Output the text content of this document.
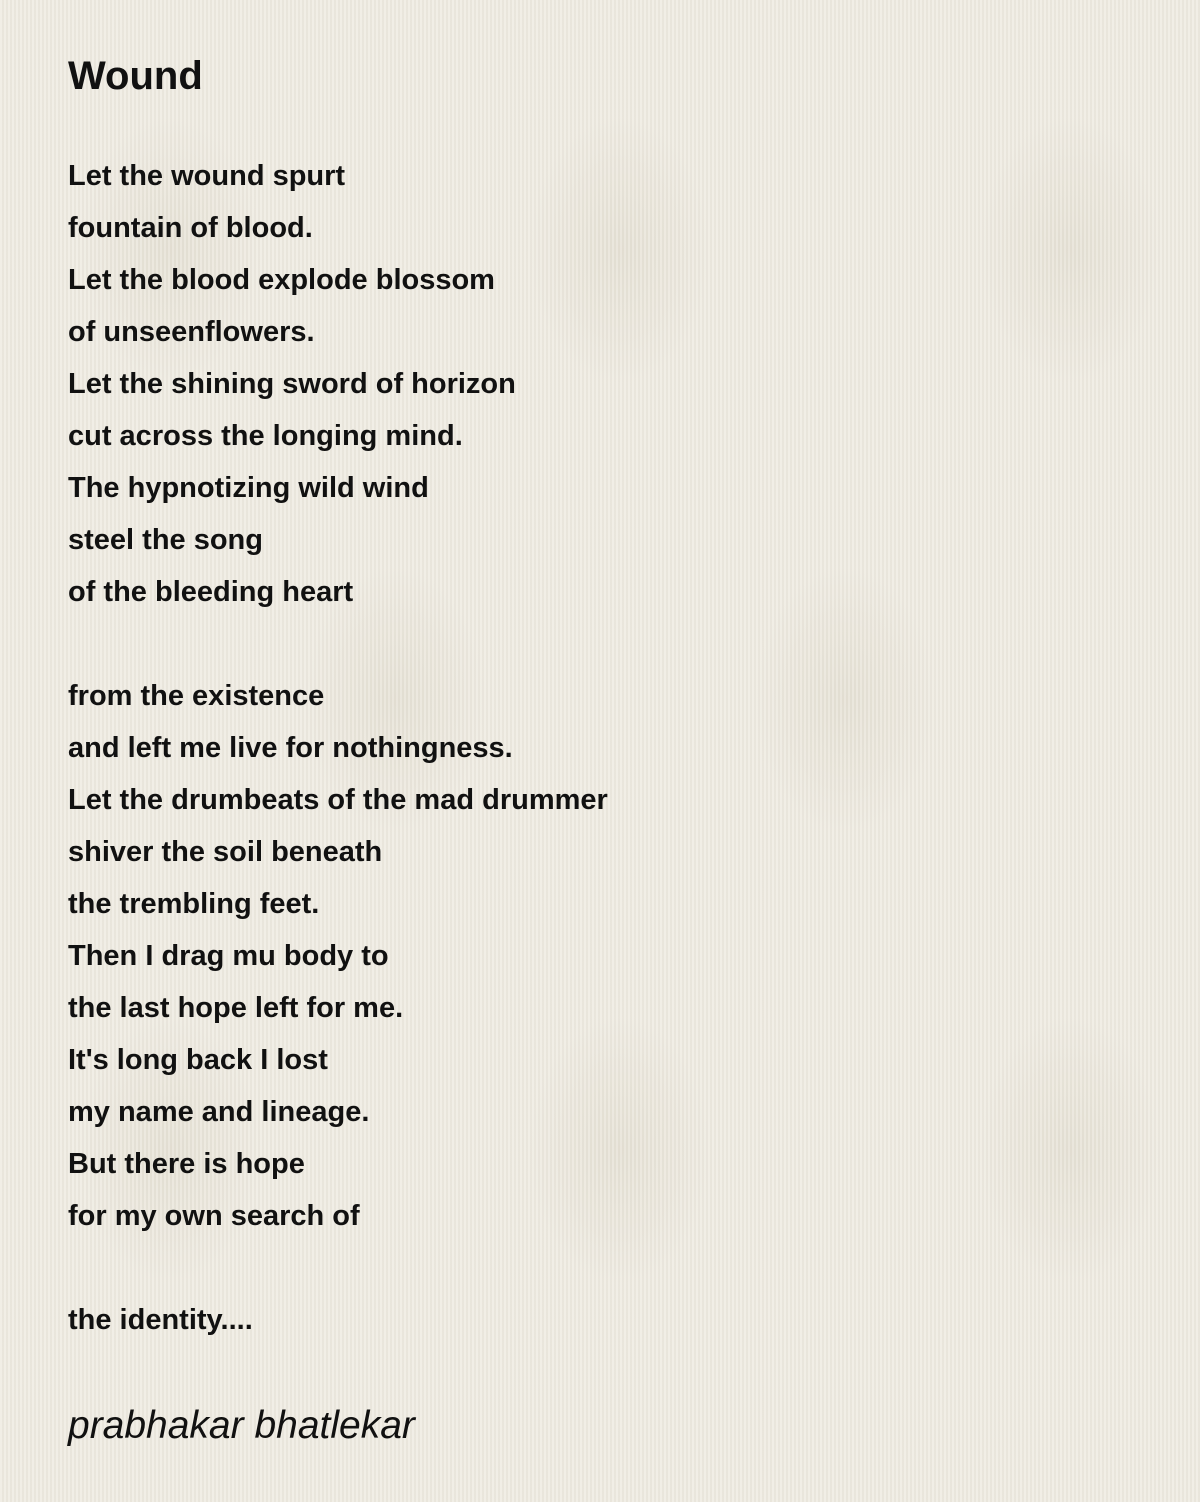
Wound
Let the wound spurt
fountain of blood.
Let the blood explode blossom
of unseenflowers.
Let the shining sword of horizon
cut across the longing mind.
The hypnotizing wild wind
steel the song
of the bleeding heart
from the existence
and left me live for nothingness.
Let the drumbeats of the mad drummer
shiver the soil beneath
the trembling feet.
Then I drag mu body to
the last hope left for me.
It's long back I lost
my name and lineage.
But there is hope
for my own search of
the identity....
prabhakar bhatlekar
